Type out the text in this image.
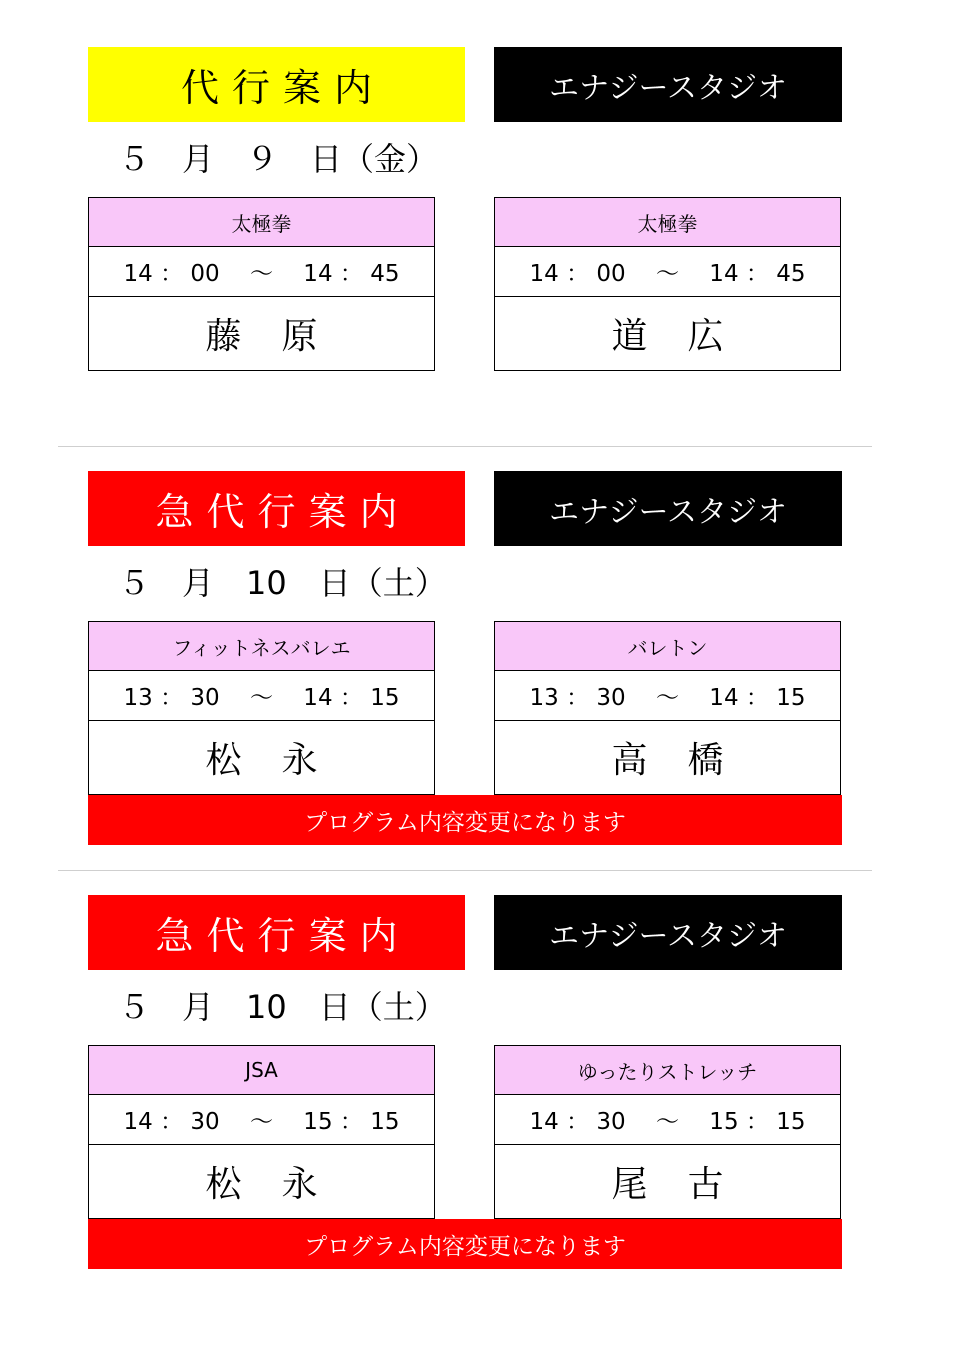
代行案内	エナジースタジオ
５　月　９　日（金）
太極拳
14 ： 00　 ～　 14 ： 45
藤原
太極拳
14 ： 00　 ～　 14 ： 45
道広
急代行案内	エナジースタジオ
５　月　10　日（土）
フィットネスバレエ
13 ： 30　 ～　 14 ： 15
松永
バレトン
13 ： 30　 ～　 14 ： 15
高橋
プログラム内容変更になります
急代行案内	エナジースタジオ
５　月　10　日（土）
JSA
14 ： 30　 ～　 15 ： 15
松永
ゆったりストレッチ
14 ： 30　 ～　 15 ： 15
尾古
プログラム内容変更になります
